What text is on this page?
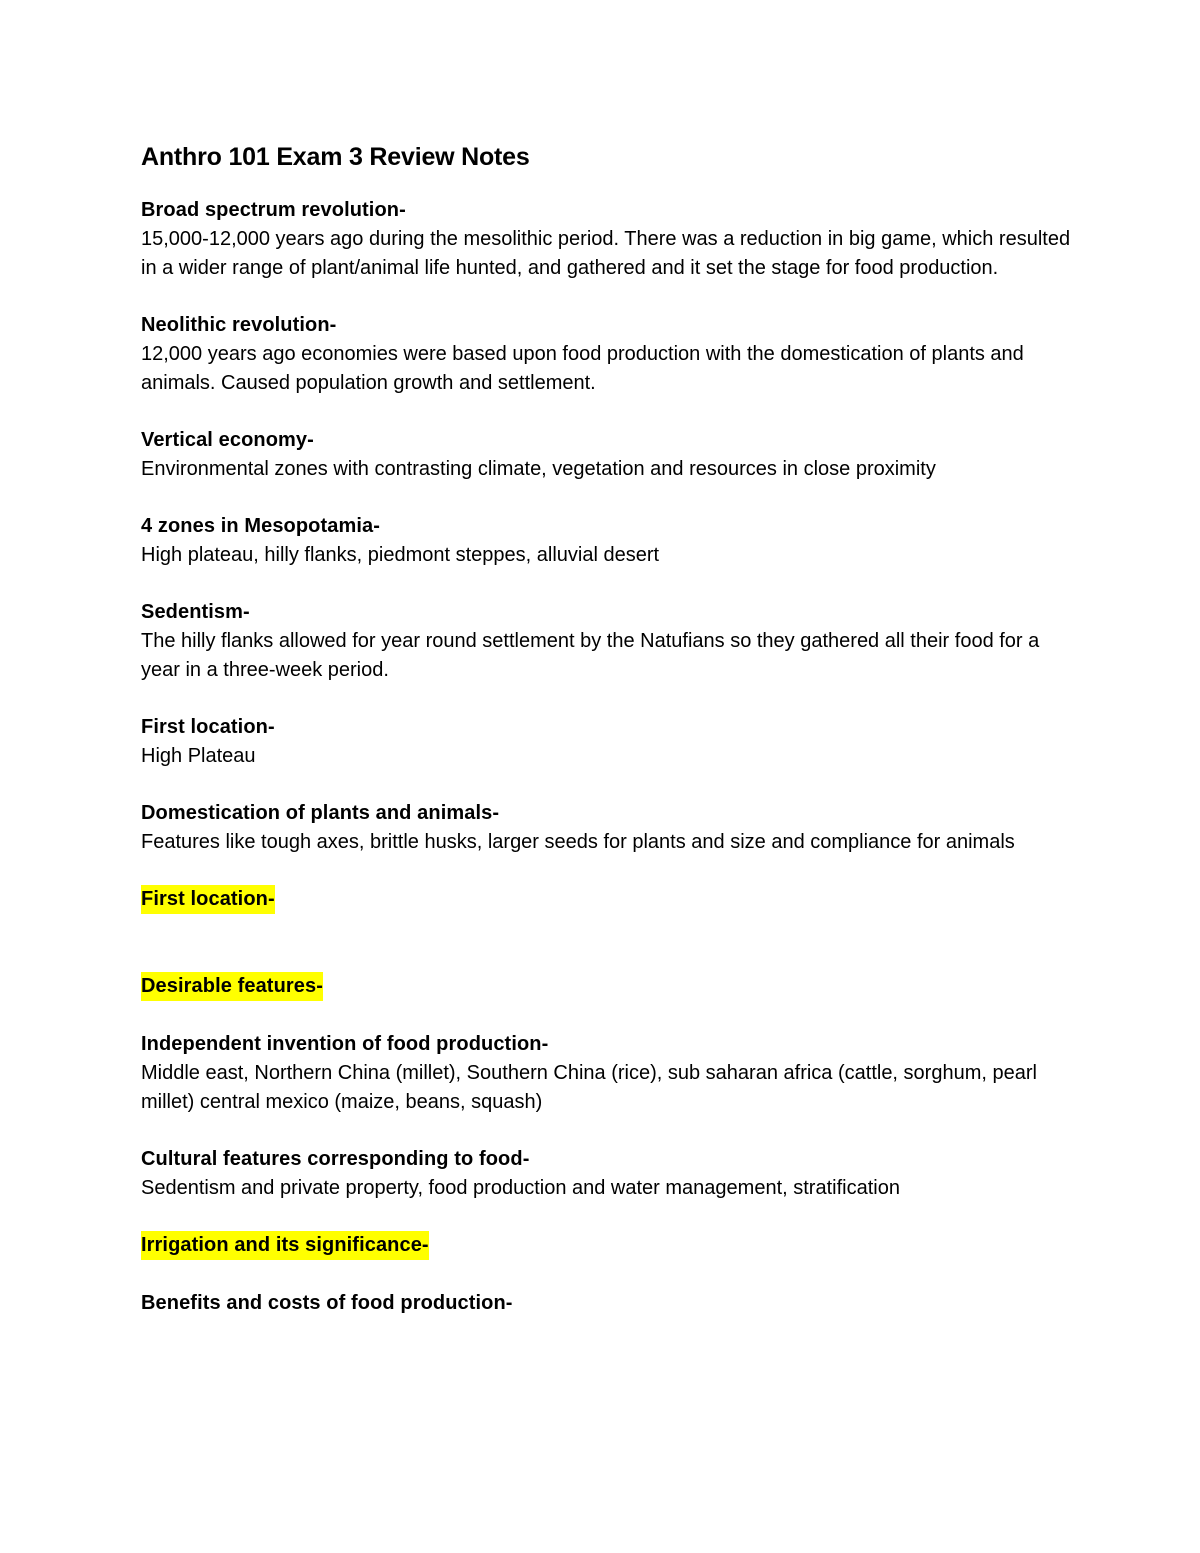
Anthro 101 Exam 3 Review Notes
Broad spectrum revolution-
15,000-12,000 years ago during the mesolithic period. There was a reduction in big game, which resulted in a wider range of plant/animal life hunted, and gathered and it set the stage for food production.
Neolithic revolution-
12,000 years ago economies were based upon food production with the domestication of plants and animals. Caused population growth and settlement.
Vertical economy-
Environmental zones with contrasting climate, vegetation and resources in close proximity
4 zones in Mesopotamia-
High plateau, hilly flanks, piedmont steppes, alluvial desert
Sedentism-
The hilly flanks allowed for year round settlement by the Natufians so they gathered all their food for a year in a three-week period.
First location-
High Plateau
Domestication of plants and animals-
Features like tough axes, brittle husks, larger seeds for plants and size and compliance for animals
First location-
Desirable features-
Independent invention of food production-
Middle east, Northern China (millet), Southern China (rice), sub saharan africa (cattle, sorghum, pearl millet) central mexico (maize, beans, squash)
Cultural features corresponding to food-
Sedentism and private property, food production and water management, stratification
Irrigation and its significance-
Benefits and costs of food production-
